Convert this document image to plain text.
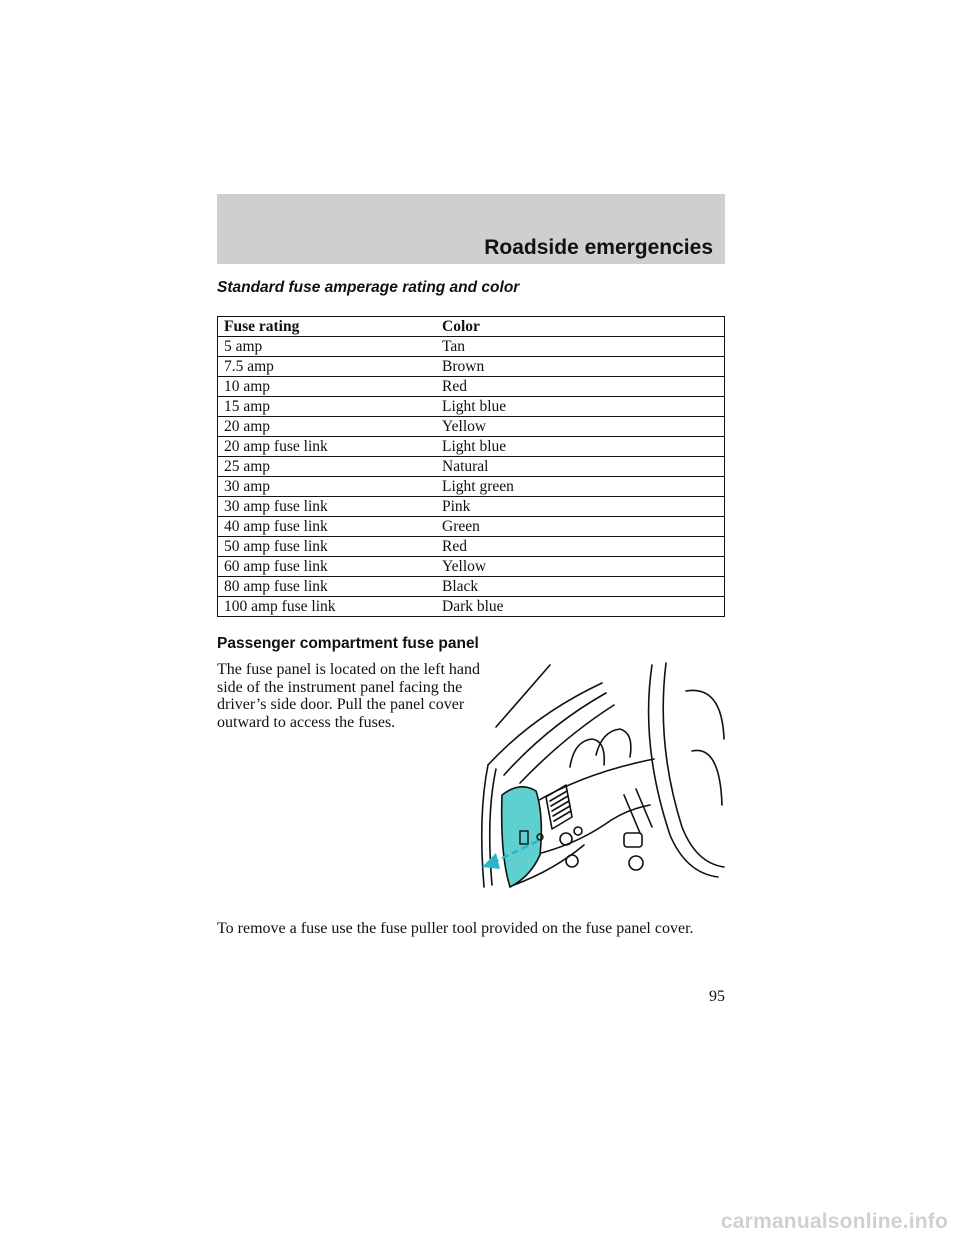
Roadside emergencies
Standard fuse amperage rating and color
Fuse rating	Color
5 amp	Tan
7.5 amp	Brown
10 amp	Red
15 amp	Light blue
20 amp	Yellow
20 amp fuse link	Light blue
25 amp	Natural
30 amp	Light green
30 amp fuse link	Pink
40 amp fuse link	Green
50 amp fuse link	Red
60 amp fuse link	Yellow
80 amp fuse link	Black
100 amp fuse link	Dark blue
Passenger compartment fuse panel

The fuse panel is located on the left hand side of the instrument panel facing the driver’s side door. Pull the panel cover outward to access the fuses.

To remove a fuse use the fuse puller tool provided on the fuse panel cover.

95
carmanualsonline.info
